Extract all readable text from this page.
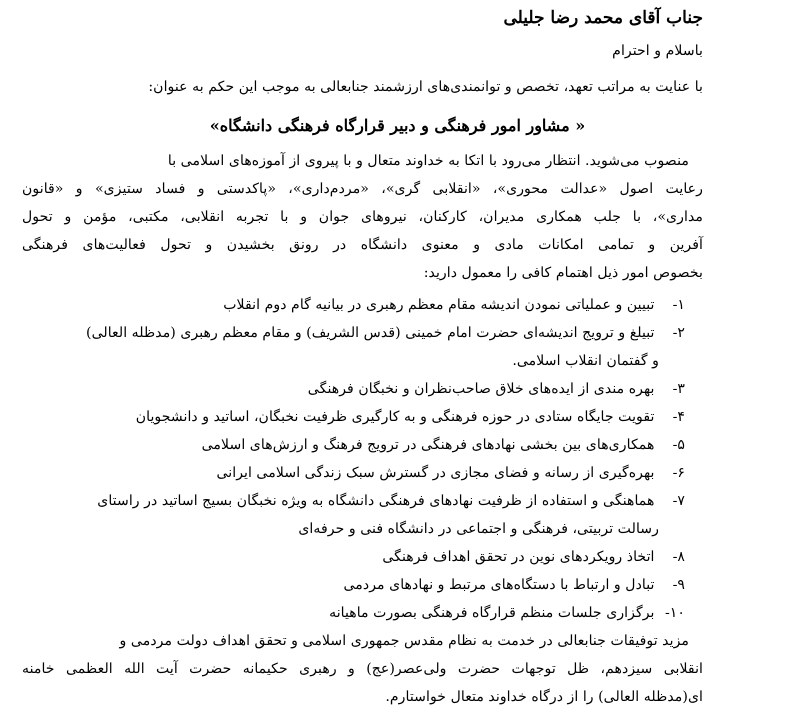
جناب آقای محمد رضا جلیلی
باسلام و احترام
با عنایت به مراتب تعهد، تخصص و توانمندی‌های ارزشمند جنابعالی به موجب این حکم به عنوان:
« مشاور امور فرهنگی و دبیر قرارگاه فرهنگی دانشگاه»
منصوب می‌شوید. انتظار می‌رود با اتکا به خداوند متعال و با پیروی از آموزه‌های اسلامی با
رعایت اصول «عدالت محوری»، «انقلابی گری»، «مردم‌داری»، «پاکدستی و فساد ستیزی» و «قانون
مداری»، با جلب همکاری مدیران، کارکنان، نیروهای جوان و با تجربه انقلابی، مکتبی، مؤمن و تحول
آفرین و تمامی امکانات مادی و معنوی دانشگاه در رونق بخشیدن و تحول فعالیت‌های فرهنگی
بخصوص امور ذیل اهتمام کافی را معمول دارید:
۱- تبیین و عملیاتی نمودن اندیشه مقام معظم رهبری در بیانیه گام دوم انقلاب
۲- تبیلغ و ترویج اندیشه‌ای حضرت امام خمینی (قدس الشریف) و مقام معظم رهبری (مدظله العالی)
و گفتمان انقلاب اسلامی.
۳- بهره مندی از ایده‌های خلاق صاحب‌نظران و نخبگان فرهنگی
۴- تقویت جایگاه ستادی در حوزه فرهنگی و به کارگیری ظرفیت نخبگان، اساتید و دانشجویان
۵- همکاری‌های بین بخشی نهادهای فرهنگی در ترویج فرهنگ و ارزش‌های اسلامی
۶- بهره‌گیری از رسانه و فضای مجازی در گسترش سبک زندگی اسلامی ایرانی
۷- هماهنگی و استفاده از ظرفیت نهادهای فرهنگی دانشگاه به ویژه نخبگان بسیج اساتید در راستای
رسالت تربیتی، فرهنگی و اجتماعی در دانشگاه فنی و حرفه‌ای
۸- اتخاذ رویکردهای نوین در تحقق اهداف فرهنگی
۹- تبادل و ارتباط با دستگاه‌های مرتبط و نهادهای مردمی
۱۰- برگزاری جلسات منظم قرارگاه فرهنگی بصورت ماهیانه
مزید توفیقات جنابعالی در خدمت به نظام مقدس جمهوری اسلامی و تحقق اهداف دولت مردمی و
انقلابی سیزدهم، ظل توجهات حضرت ولی‌عصر(عج) و رهبری حکیمانه حضرت آیت الله العظمی خامنه
ای(مدظله العالی) را از درگاه خداوند متعال خواستارم.
